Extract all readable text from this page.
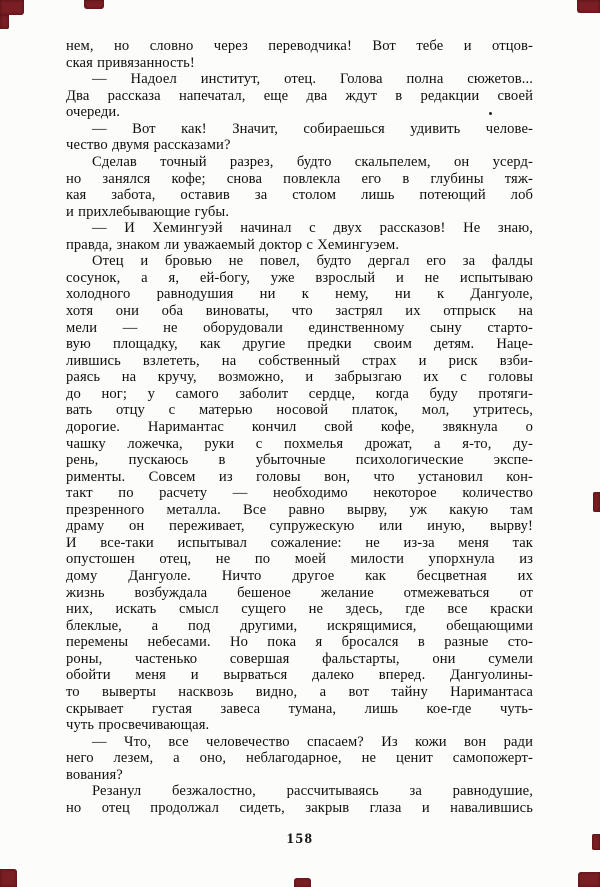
нем, но словно через переводчика! Вот тебе и отцов-
ская привязанность!

— Надоел институт, отец. Голова полна сюжетов...
Два рассказа напечатал, еще два ждут в редакции своей
очереди.

— Вот как! Значит, собираешься удивить челове-
чество двумя рассказами?

Сделав точный разрез, будто скальпелем, он усерд-
но занялся кофе; снова повлекла его в глубины тяж-
кая забота, оставив за столом лишь потеющий лоб
и прихлебывающие губы.

— И Хемингуэй начинал с двух рассказов! Не знаю,
правда, знаком ли уважаемый доктор с Хемингуэем.

Отец и бровью не повел, будто дергал его за фалды
сосунок, а я, ей-богу, уже взрослый и не испытываю
холодного равнодушия ни к нему, ни к Дангуоле,
хотя они оба виноваты, что застрял их отпрыск на
мели — не оборудовали единственному сыну старто-
вую площадку, как другие предки своим детям. Наце-
лившись взлететь, на собственный страх и риск взби-
раясь на кручу, возможно, и забрызгаю их с головы
до ног; у самого заболит сердце, когда буду протяги-
вать отцу с матерью носовой платок, мол, утритесь,
дорогие. Наримантас кончил свой кофе, звякнула о
чашку ложечка, руки с похмелья дрожат, а я-то, ду-
рень, пускаюсь в убыточные психологические экспе-
рименты. Совсем из головы вон, что установил кон-
такт по расчету — необходимо некоторое количество
презренного металла. Все равно вырву, уж какую там
драму он переживает, супружескую или иную, вырву!
И все-таки испытывал сожаление: не из-за меня так
опустошен отец, не по моей милости упорхнула из
дому Дангуоле. Ничто другое как бесцветная их
жизнь возбуждала бешеное желание отмежеваться от
них, искать смысл сущего не здесь, где все краски
блеклые, а под другими, искрящимися, обещающими
перемены небесами. Но пока я бросался в разные сто-
роны, частенько совершая фальстарты, они сумели
обойти меня и вырваться далеко вперед. Дангуолины-
то выверты насквозь видно, а вот тайну Наримантаса
скрывает густая завеса тумана, лишь кое-где чуть-
чуть просвечивающая.

— Что, все человечество спасаем? Из кожи вон ради
него лезем, а оно, неблагодарное, не ценит самопожерт-
вования?

Резанул безжалостно, рассчитываясь за равнодушие,
но отец продолжал сидеть, закрыв глаза и навалившись

158
